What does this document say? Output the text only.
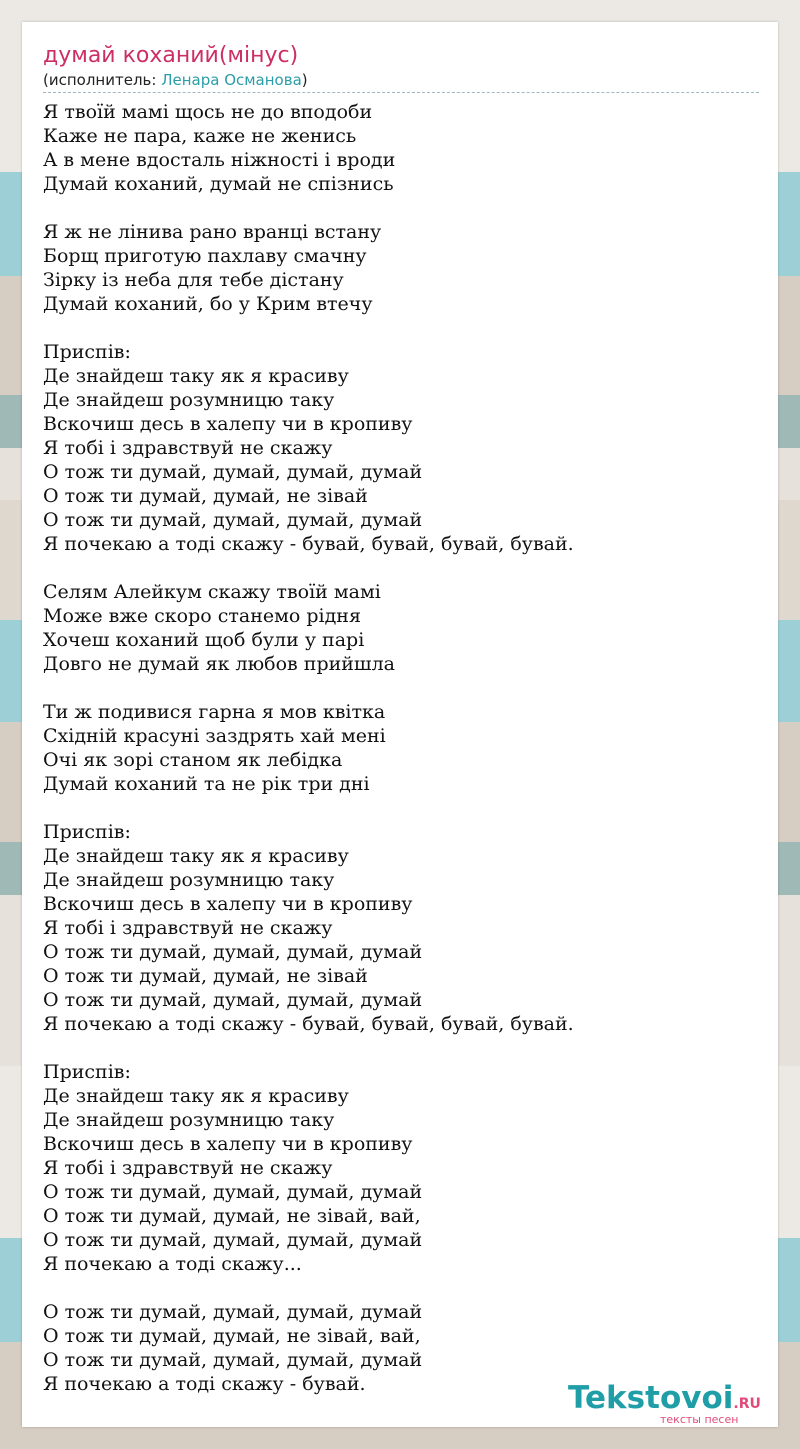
думай коханий(мінус)
(исполнитель: Ленара Османова)
Я твоїй мамі щось не до вподоби
Каже не пара, каже не женись
А в мене вдосталь ніжності і вроди
Думай коханий, думай не спізнись
Я ж не лінива рано вранці встану
Борщ приготую пахлаву смачну
Зірку із неба для тебе дістану
Думай коханий, бо у Крим втечу
Приспів:
Де знайдеш таку як я красиву
Де знайдеш розумницю таку
Вскочиш десь в халепу чи в кропиву
Я тобі і здравствуй не скажу
О тож ти думай, думай, думай, думай
О тож ти думай, думай, не зівай
О тож ти думай, думай, думай, думай
Я почекаю а тоді скажу - бувай, бувай, бувай, бувай.
Селям Алейкум скажу твоїй мамі
Може вже скоро станемо рідня
Хочеш коханий щоб були у парі
Довго не думай як любов прийшла
Ти ж подивися гарна я мов квітка
Східній красуні заздрять хай мені
Очі як зорі станом як лебідка
Думай коханий та не рік три дні
Приспів:
Де знайдеш таку як я красиву
Де знайдеш розумницю таку
Вскочиш десь в халепу чи в кропиву
Я тобі і здравствуй не скажу
О тож ти думай, думай, думай, думай
О тож ти думай, думай, не зівай
О тож ти думай, думай, думай, думай
Я почекаю а тоді скажу - бувай, бувай, бувай, бувай.
Приспів:
Де знайдеш таку як я красиву
Де знайдеш розумницю таку
Вскочиш десь в халепу чи в кропиву
Я тобі і здравствуй не скажу
О тож ти думай, думай, думай, думай
О тож ти думай, думай, не зівай, вай,
О тож ти думай, думай, думай, думай
Я почекаю а тоді скажу...
О тож ти думай, думай, думай, думай
О тож ти думай, думай, не зівай, вай,
О тож ти думай, думай, думай, думай
Я почекаю а тоді скажу - бувай.	Tekstovoi.RU
тексты песен
